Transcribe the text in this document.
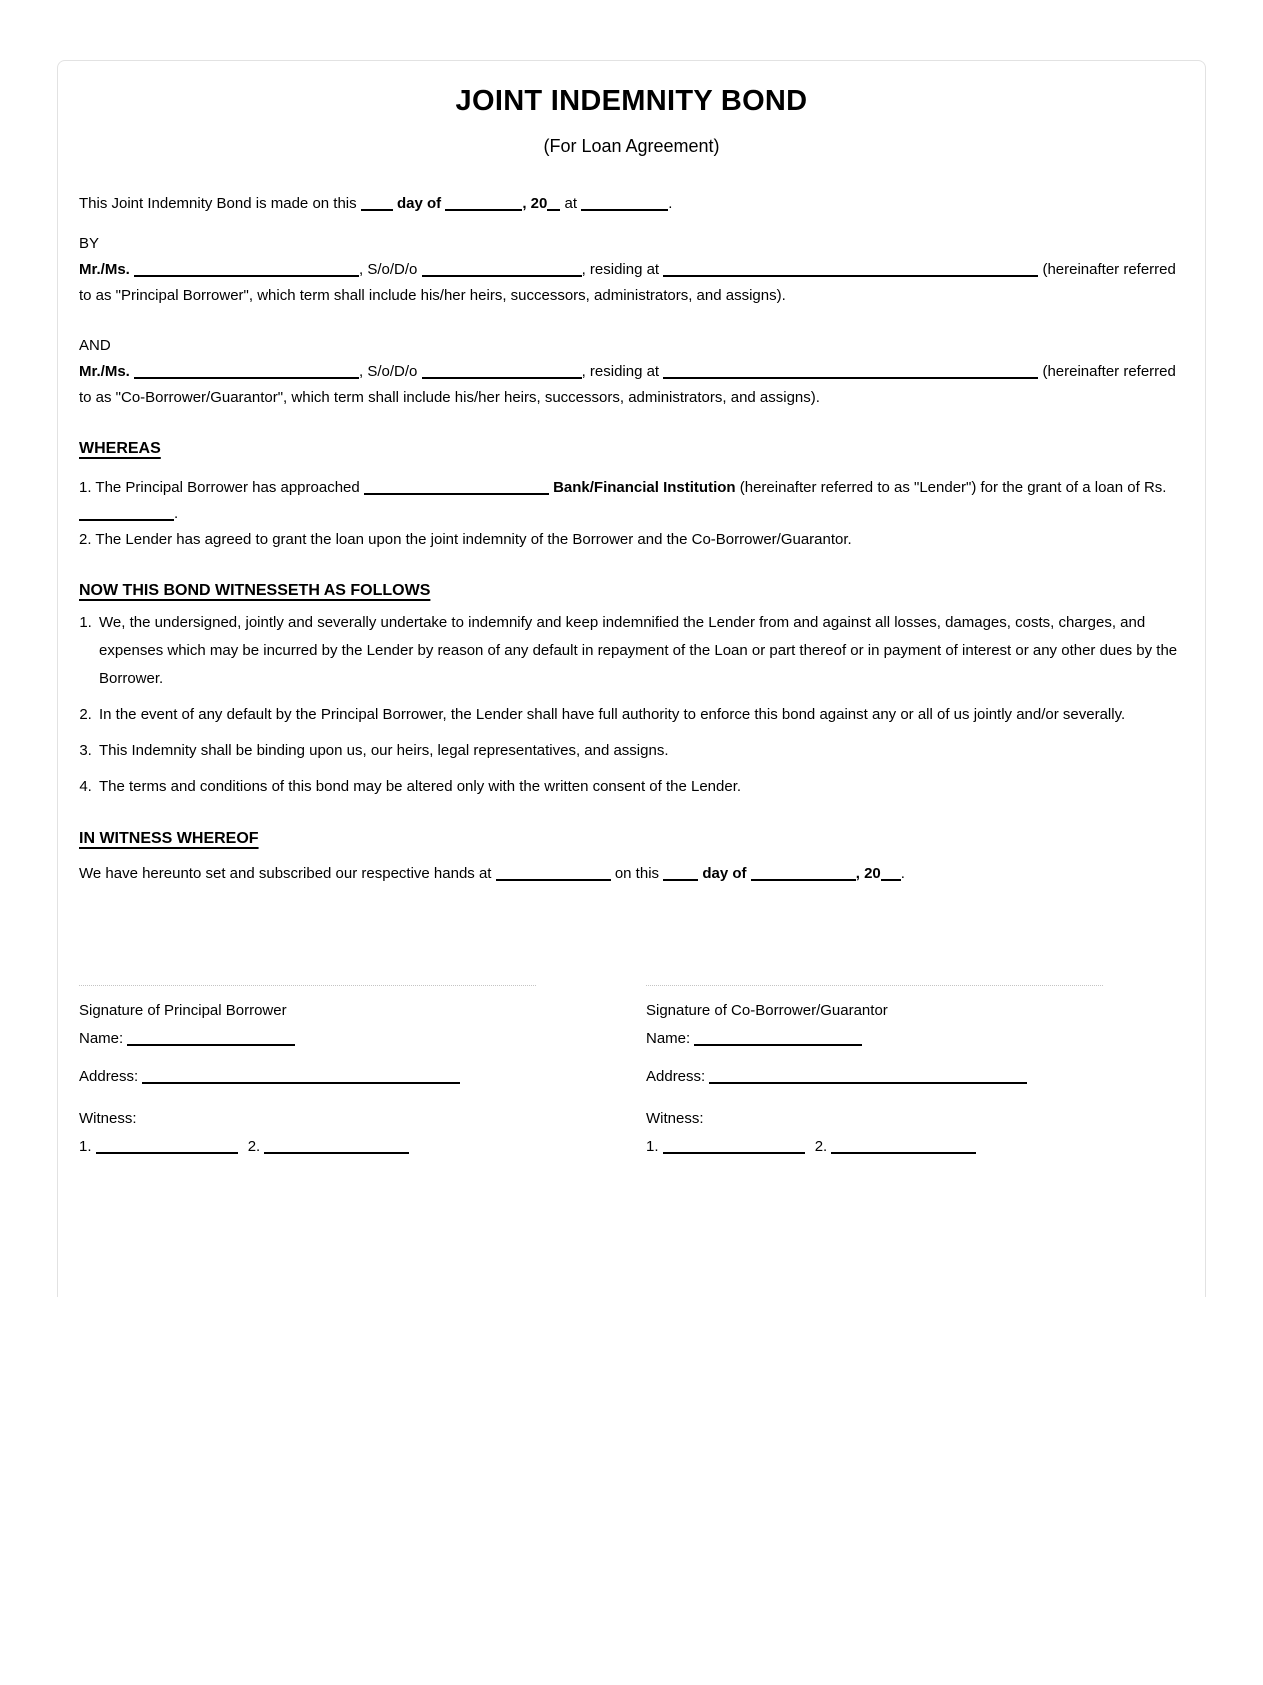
JOINT INDEMNITY BOND

(For Loan Agreement)

This Joint Indemnity Bond is made on this	day of	, 20 at	.

BY

Mr./Ms.	, S/o/D/o	, residing at	(hereinafter referred to as "Principal Borrower", which term shall include his/her heirs, successors, administrators, and assigns).

AND

Mr./Ms.	, S/o/D/o	, residing at	(hereinafter referred to as "Co-Borrower/Guarantor", which term shall include his/her heirs, successors, administrators, and assigns).

WHEREAS

1. The Principal Borrower has approached	Bank/Financial Institution (hereinafter referred to as "Lender") for the grant of a loan of Rs. .

2. The Lender has agreed to grant the loan upon the joint indemnity of the Borrower and the Co-Borrower/Guarantor.

NOW THIS BOND WITNESSETH AS FOLLOWS

1. We, the undersigned, jointly and severally undertake to indemnify and keep indemnified the Lender from and against all losses, damages, costs, charges, and expenses which may be incurred by the Lender by reason of any default in repayment of the Loan or part thereof or in payment of interest or any other dues by the Borrower.
2. In the event of any default by the Principal Borrower, the Lender shall have full authority to enforce this bond against any or all of us jointly and/or severally.
3. This Indemnity shall be binding upon us, our heirs, legal representatives, and assigns.
4. The terms and conditions of this bond may be altered only with the written consent of the Lender.

IN WITNESS WHEREOF

We have hereunto set and subscribed our respective hands at	on this	day of	, 20 .

Signature of Principal Borrower

Name:

Address:

Witness:

1.	2.

Signature of Co-Borrower/Guarantor

Name:

Address:

Witness:

1.	2.
